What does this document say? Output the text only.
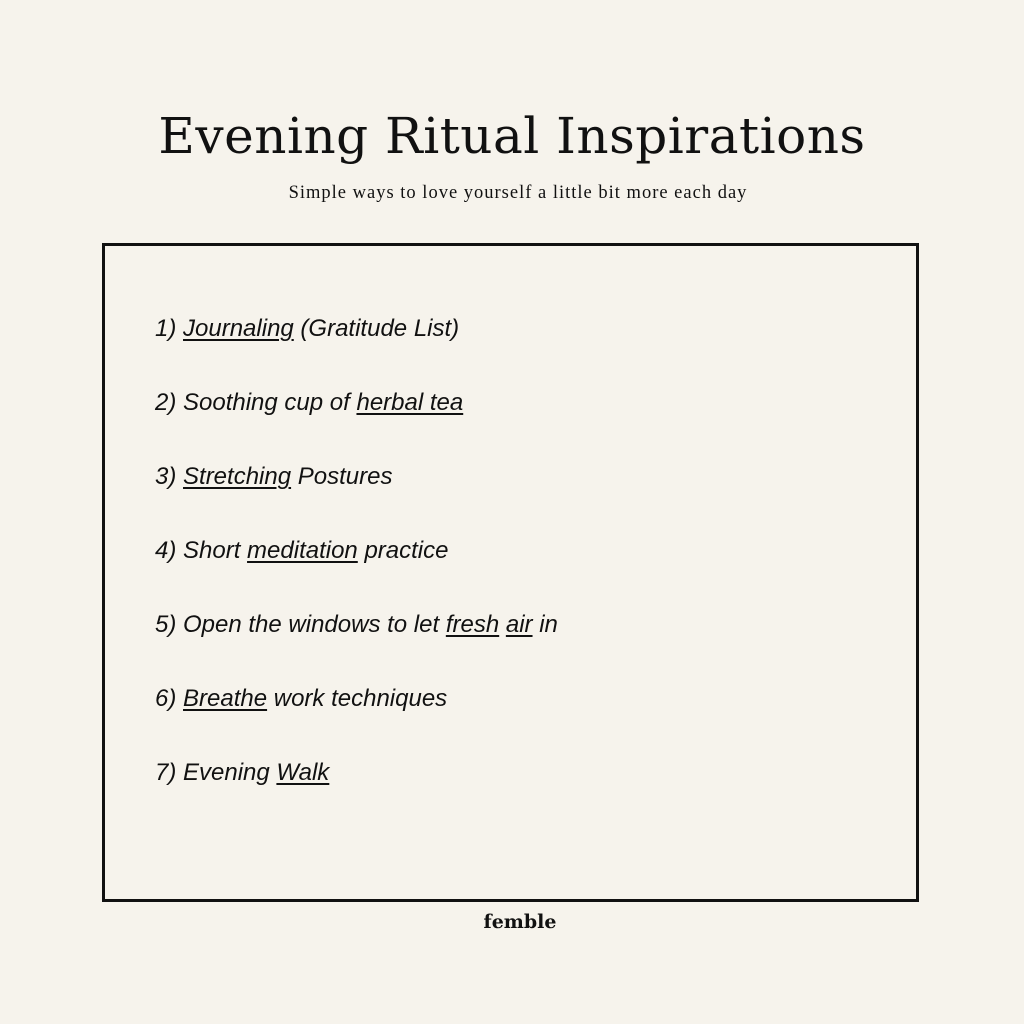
Evening Ritual Inspirations

Simple ways to love yourself a little bit more each day

1) Journaling (Gratitude List)
2) Soothing cup of herbal tea
3) Stretching Postures
4) Short meditation practice
5) Open the windows to let fresh air in
6) Breathe work techniques
7) Evening Walk

femble
